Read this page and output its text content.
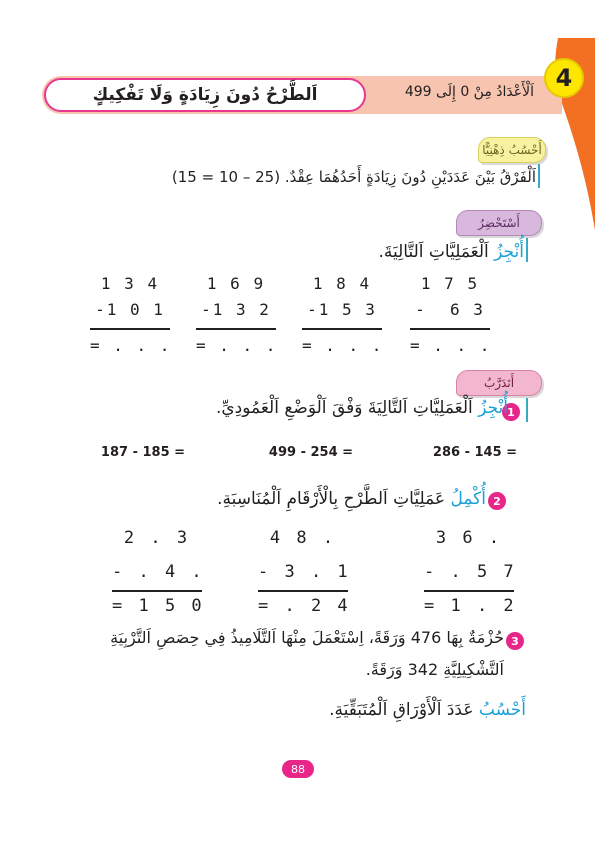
اَلطَّرْحُ دُونَ زِيَادَةٍ وَلَا تَفْكِيكٍ	اَلْأَعْدَادُ مِنْ 0 إِلَى 499 4
أَحْسُبُ ذِهْنِيًّا
اَلْفَرْقُ بَيْنَ عَدَدَيْنِ دُونَ زِيَادَةٍ أَحَدُهُمَا عِقْدٌ. (25 – 10 = 15)
أَسْتَحْضِرُ
أُنْجِزُ اَلْعَمَلِيَّاتِ اَلتَّالِيَةَ.
1 7 5
-  6 3
= . . .
1 8 4
-1 5 3
= . . .
1 6 9
-1 3 2
= . . .
1 3 4
-1 0 1
= . . .
أَتَدَرَّبُ
1
أُنْجِزُ اَلْعَمَلِيَّاتِ اَلتَّالِيَةَ وَفْقَ اَلْوَضْعِ اَلْعَمُودِيِّ.
286 - 145 =
499 - 254 =
187 - 185 =
2
أُكْمِلُ عَمَلِيَّاتِ اَلطَّرْحِ بِالْأَرْقَامِ اَلْمُنَاسِبَةِ.
3 6 .
- . 5 7
= 1 . 2
4 8 .
- 3 . 1
= . 2 4
2 . 3
- . 4 .
= 1 5 0
3
حُزْمَةٌ بِهَا 476 وَرَقَةً، اِسْتَعْمَلَ مِنْهَا اَلتَّلَامِيذُ فِي حِصَصِ اَلتَّرْبِيَةِ
اَلتَّشْكِيلِيَّةِ 342 وَرَقَةً.
أَحْسُبُ عَدَدَ اَلْأَوْرَاقِ اَلْمُتَبَقِّيَةِ.
88
